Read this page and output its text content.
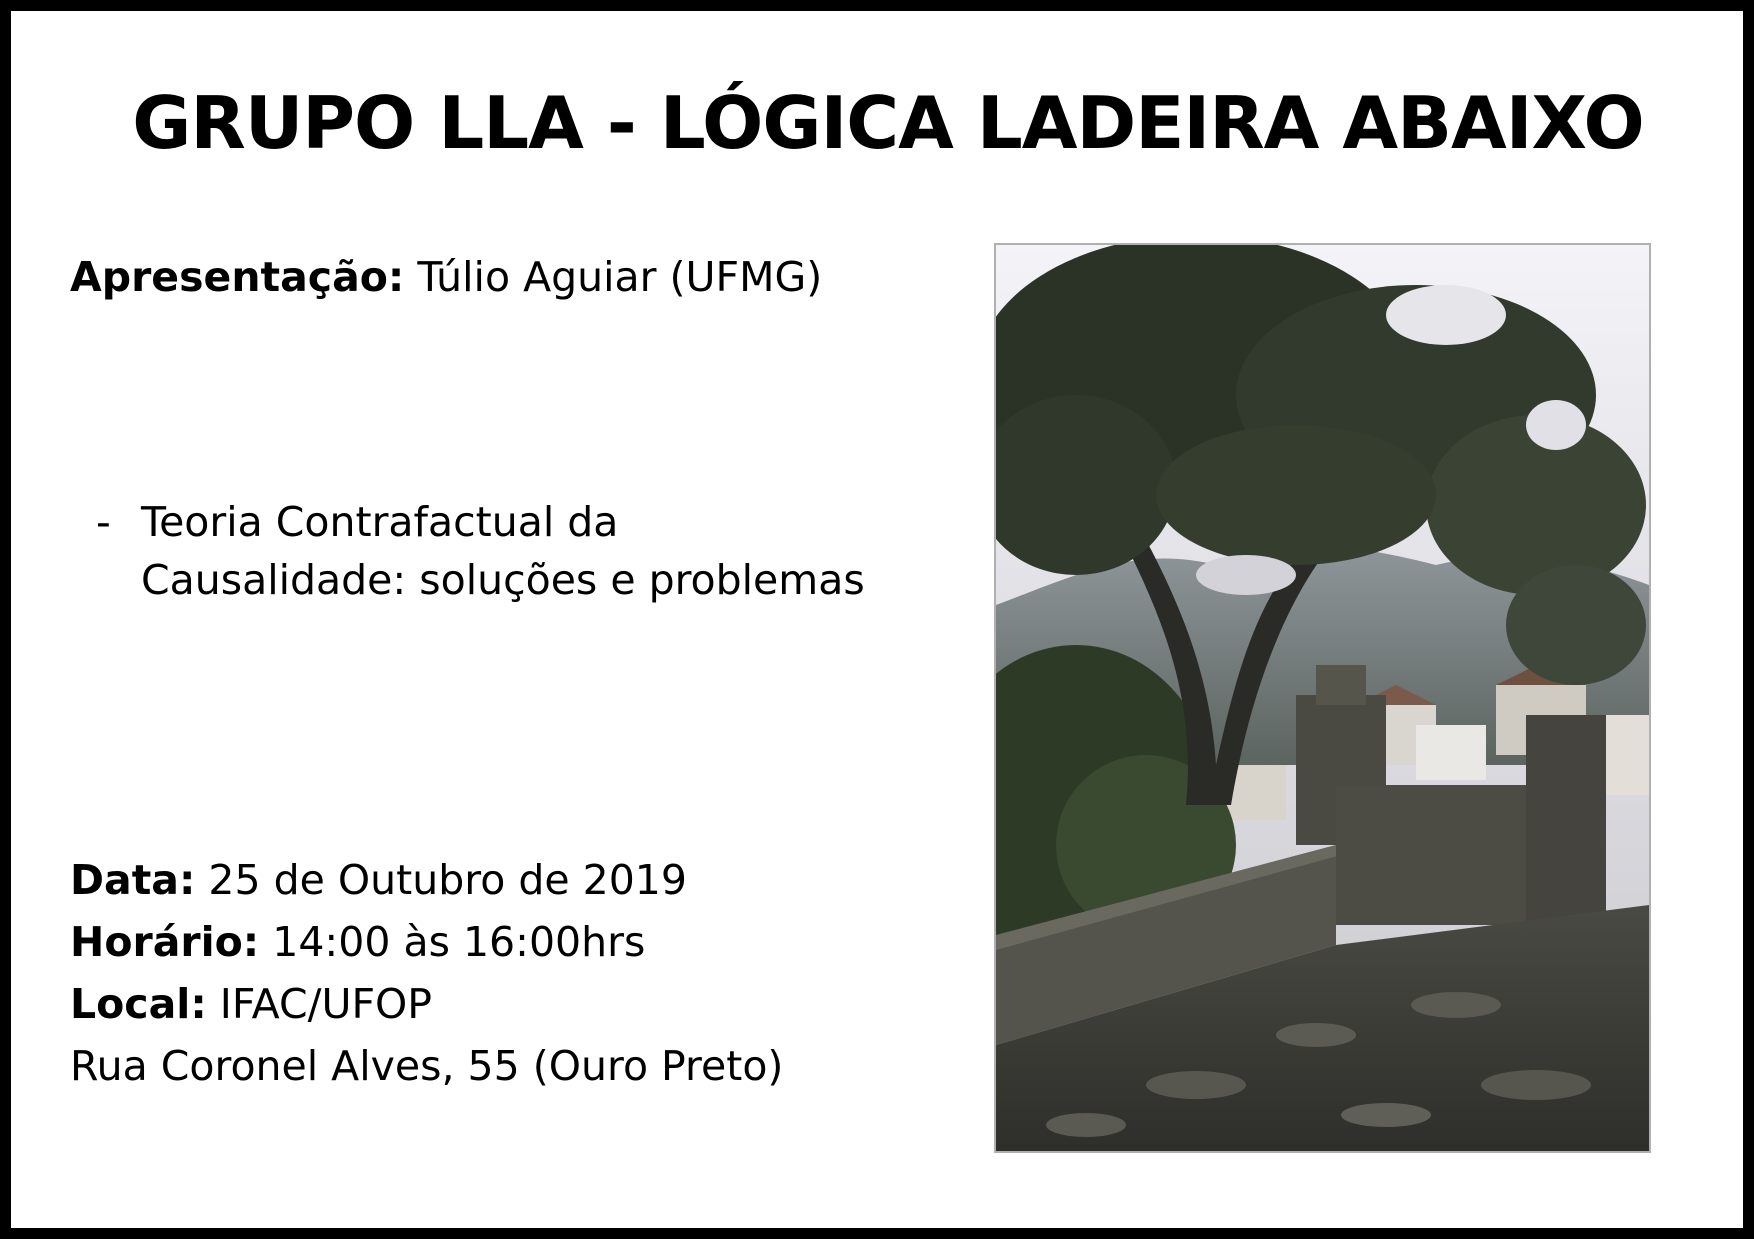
GRUPO LLA - LÓGICA LADEIRA ABAIXO
Apresentação: Túlio Aguiar (UFMG)
- Teoria Contrafactual da
Causalidade: soluções e problemas
Data: 25 de Outubro de 2019
Horário: 14:00 às 16:00hrs
Local: IFAC/UFOP
Rua Coronel Alves, 55 (Ouro Preto)
